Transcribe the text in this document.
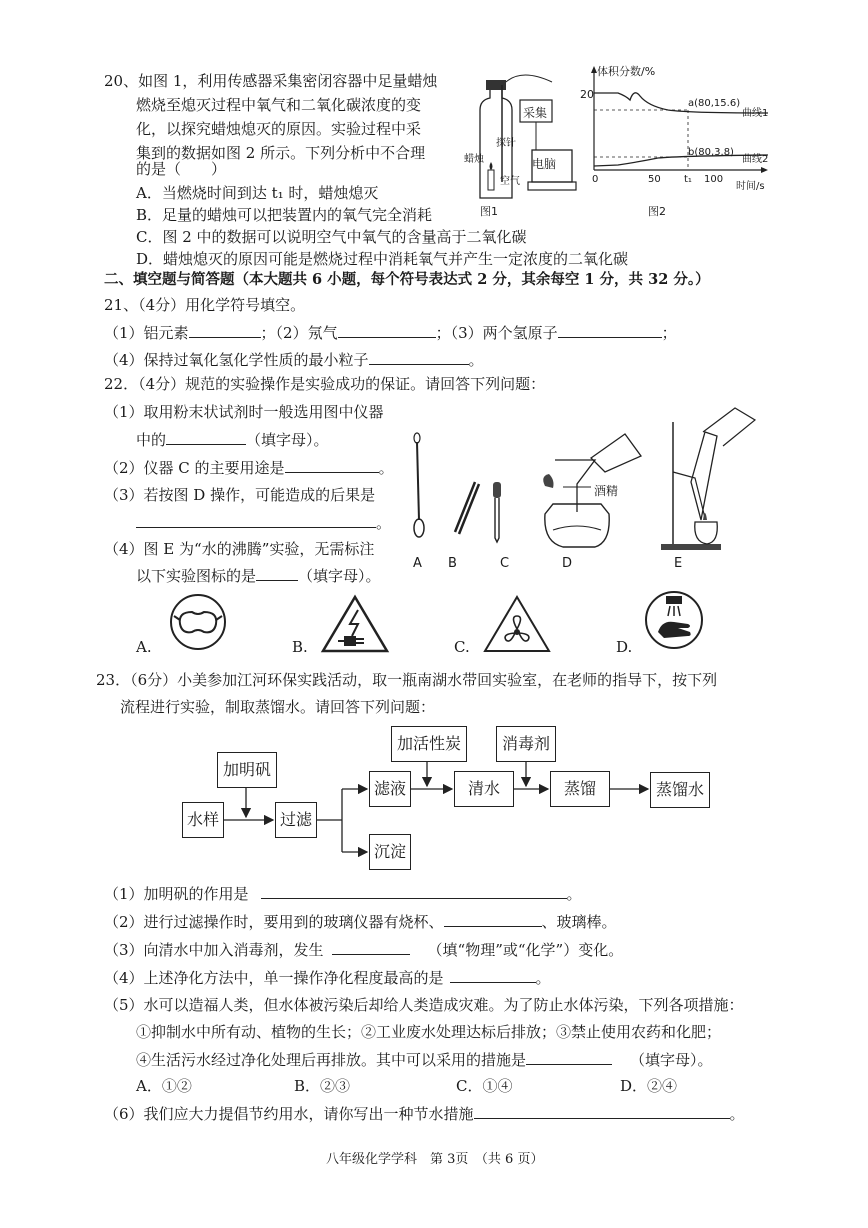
20、如图 1，利用传感器采集密闭容器中足量蜡烛
燃烧至熄灭过程中氧气和二氧化碳浓度的变
化，以探究蜡烛熄灭的原因。实验过程中采
集到的数据如图 2 所示。下列分析中不合理
的是（　　）
A．当燃烧时间到达 t₁ 时，蜡烛熄灭
B．足量的蜡烛可以把装置内的氧气完全消耗
C．图 2 中的数据可以说明空气中氧气的含量高于二氧化碳
D．蜡烛熄灭的原因可能是燃烧过程中消耗氧气并产生一定浓度的二氧化碳
采集
探针
蜡烛
空气
电脑
图1
体积分数/%
20
a(80,15.6)
曲线1
b(80,3.8)
曲线2
0	50 t₁ 100
时间/s
图2
二、填空题与简答题（本大题共 6 小题，每个符号表达式 2 分，其余每空 1 分，共 32 分。）
21、（4分）用化学符号填空。
（1）铝元素	；（2）氖气	；（3）两个氢原子	；
（4）保持过氧化氢化学性质的最小粒子	。
22．（4分）规范的实验操作是实验成功的保证。请回答下列问题：
（1）取用粉末状试剂时一般选用图中仪器
中的	（填字母）。
（2）仪器 C 的主要用途是	。
（3）若按图 D 操作，可能造成的后果是
。
（4）图 E 为“水的沸腾”实验，无需标注
以下实验图标的是	（填字母）。
A B	C	D	E
酒精
A.	B.	C.	D.
23．（6分）小美参加江河环保实践活动，取一瓶南湖水带回实验室，在老师的指导下，按下列
流程进行实验，制取蒸馏水。请回答下列问题：
加明矾
水样	过滤
加活性炭
滤液
沉淀
消毒剂
清水	蒸馏	蒸馏水
（1）加明矾的作用是	。
（2）进行过滤操作时，要用到的玻璃仪器有烧杯、	、玻璃棒。
（3）向清水中加入消毒剂，发生	（填“物理”或“化学”）变化。
（4）上述净化方法中，单一操作净化程度最高的是	。
（5）水可以造福人类，但水体被污染后却给人类造成灾难。为了防止水体污染，下列各项措施：
①抑制水中所有动、植物的生长；②工业废水处理达标后排放；③禁止使用农药和化肥；
④生活污水经过净化处理后再排放。其中可以采用的措施是	（填字母）。
A．①②	B．②③	C．①④	D．②④
（6）我们应大力提倡节约用水，请你写出一种节水措施	。
八年级化学学科　第 3页　（共 6 页）
